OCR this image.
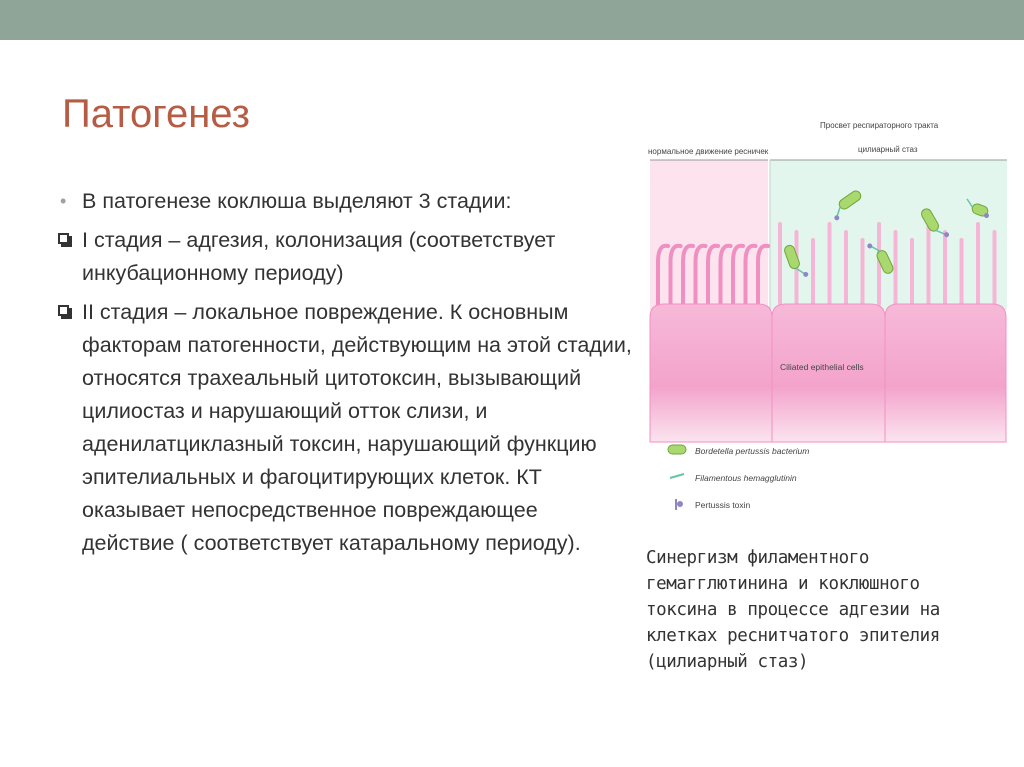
Патогенез
• В патогенезе коклюша выделяют 3 стадии:
I стадия – адгезия, колонизация (соответствует инкубационному периоду)
II стадия – локальное повреждение. К основным факторам патогенности, действующим на этой стадии, относятся трахеальный цитотоксин, вызывающий цилиостаз и нарушающий отток слизи, и аденилатциклазный токсин, нарушающий функцию эпителиальных и фагоцитирующих клеток. КТ оказывает непосредственное повреждающее действие ( соответствует катаральному периоду).
Просвет респираторного тракта
нормальное движение ресничек	цилиарный стаз
Ciliated epithelial cells
Bordetella pertussis bacterium
Filamentous hemagglutinin
Pertussis toxin
Синергизм филаментного гемагглютинина и коклюшного токсина в процессе адгезии на клетках реснитчатого эпителия (цилиарный стаз)
